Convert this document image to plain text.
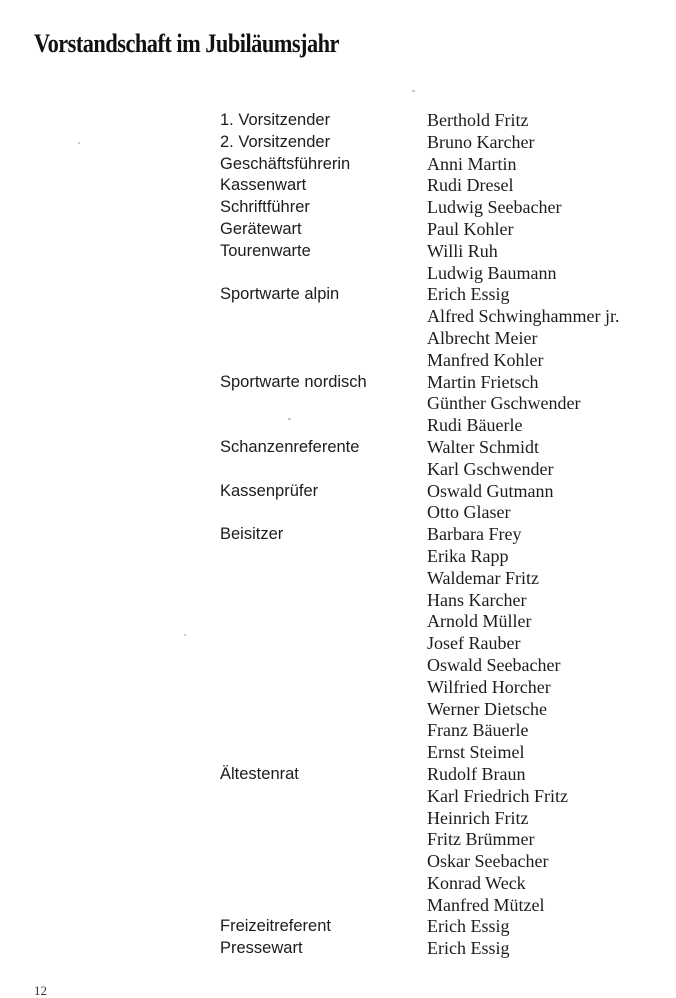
Vorstandschaft im Jubiläumsjahr
1. Vorsitzender	Berthold Fritz
2. Vorsitzender	Bruno Karcher
Geschäftsführerin	Anni Martin
Kassenwart	Rudi Dresel
Schriftführer	Ludwig Seebacher
Gerätewart	Paul Kohler
Tourenwarte	Willi Ruh
Ludwig Baumann
Sportwarte alpin	Erich Essig
Alfred Schwinghammer jr.
Albrecht Meier
Manfred Kohler
Sportwarte nordisch	Martin Frietsch
Günther Gschwender
Rudi Bäuerle
Schanzenreferente	Walter Schmidt
Karl Gschwender
Kassenprüfer	Oswald Gutmann
Otto Glaser
Beisitzer	Barbara Frey
Erika Rapp
Waldemar Fritz
Hans Karcher
Arnold Müller
Josef Rauber
Oswald Seebacher
Wilfried Horcher
Werner Dietsche
Franz Bäuerle
Ernst Steimel
Ältestenrat	Rudolf Braun
Karl Friedrich Fritz
Heinrich Fritz
Fritz Brümmer
Oskar Seebacher
Konrad Weck
Manfred Mützel
Freizeitreferent	Erich Essig
Pressewart	Erich Essig
12
